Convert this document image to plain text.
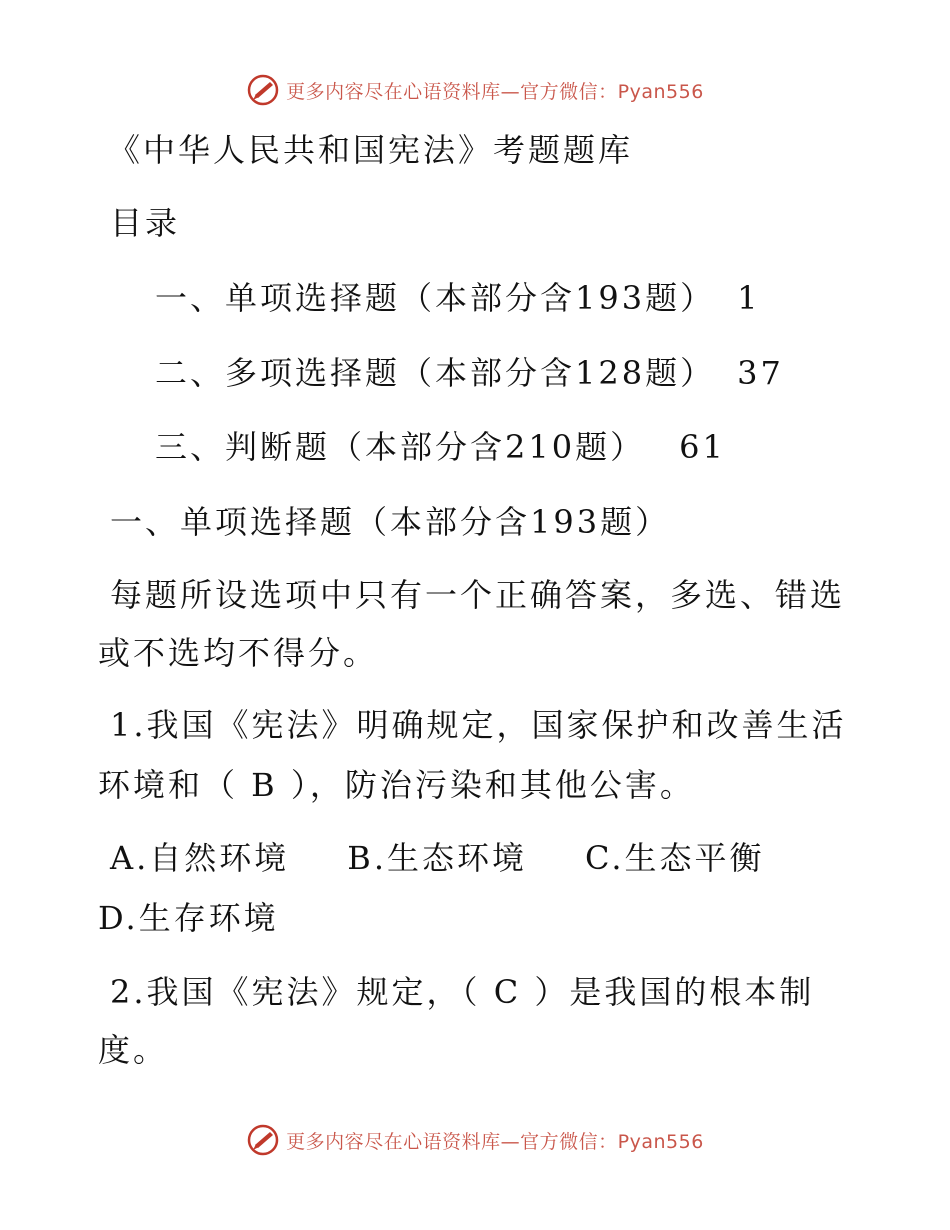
更多内容尽在心语资料库—官方微信：Pyan556
《中华人民共和国宪法》考题题库
目录
一、单项选择题（本部分含193题） 1
二、多项选择题（本部分含128题） 37
三、判断题（本部分含210题） 61
一、单项选择题（本部分含193题）
每题所设选项中只有一个正确答案，多选、错选
或不选均不得分。
1.我国《宪法》明确规定，国家保护和改善生活
环境和（ B ），防治污染和其他公害。
A.自然环境 B.生态环境 C.生态平衡
D.生存环境
2.我国《宪法》规定，（ C ）是我国的根本制
度。
更多内容尽在心语资料库—官方微信：Pyan556
